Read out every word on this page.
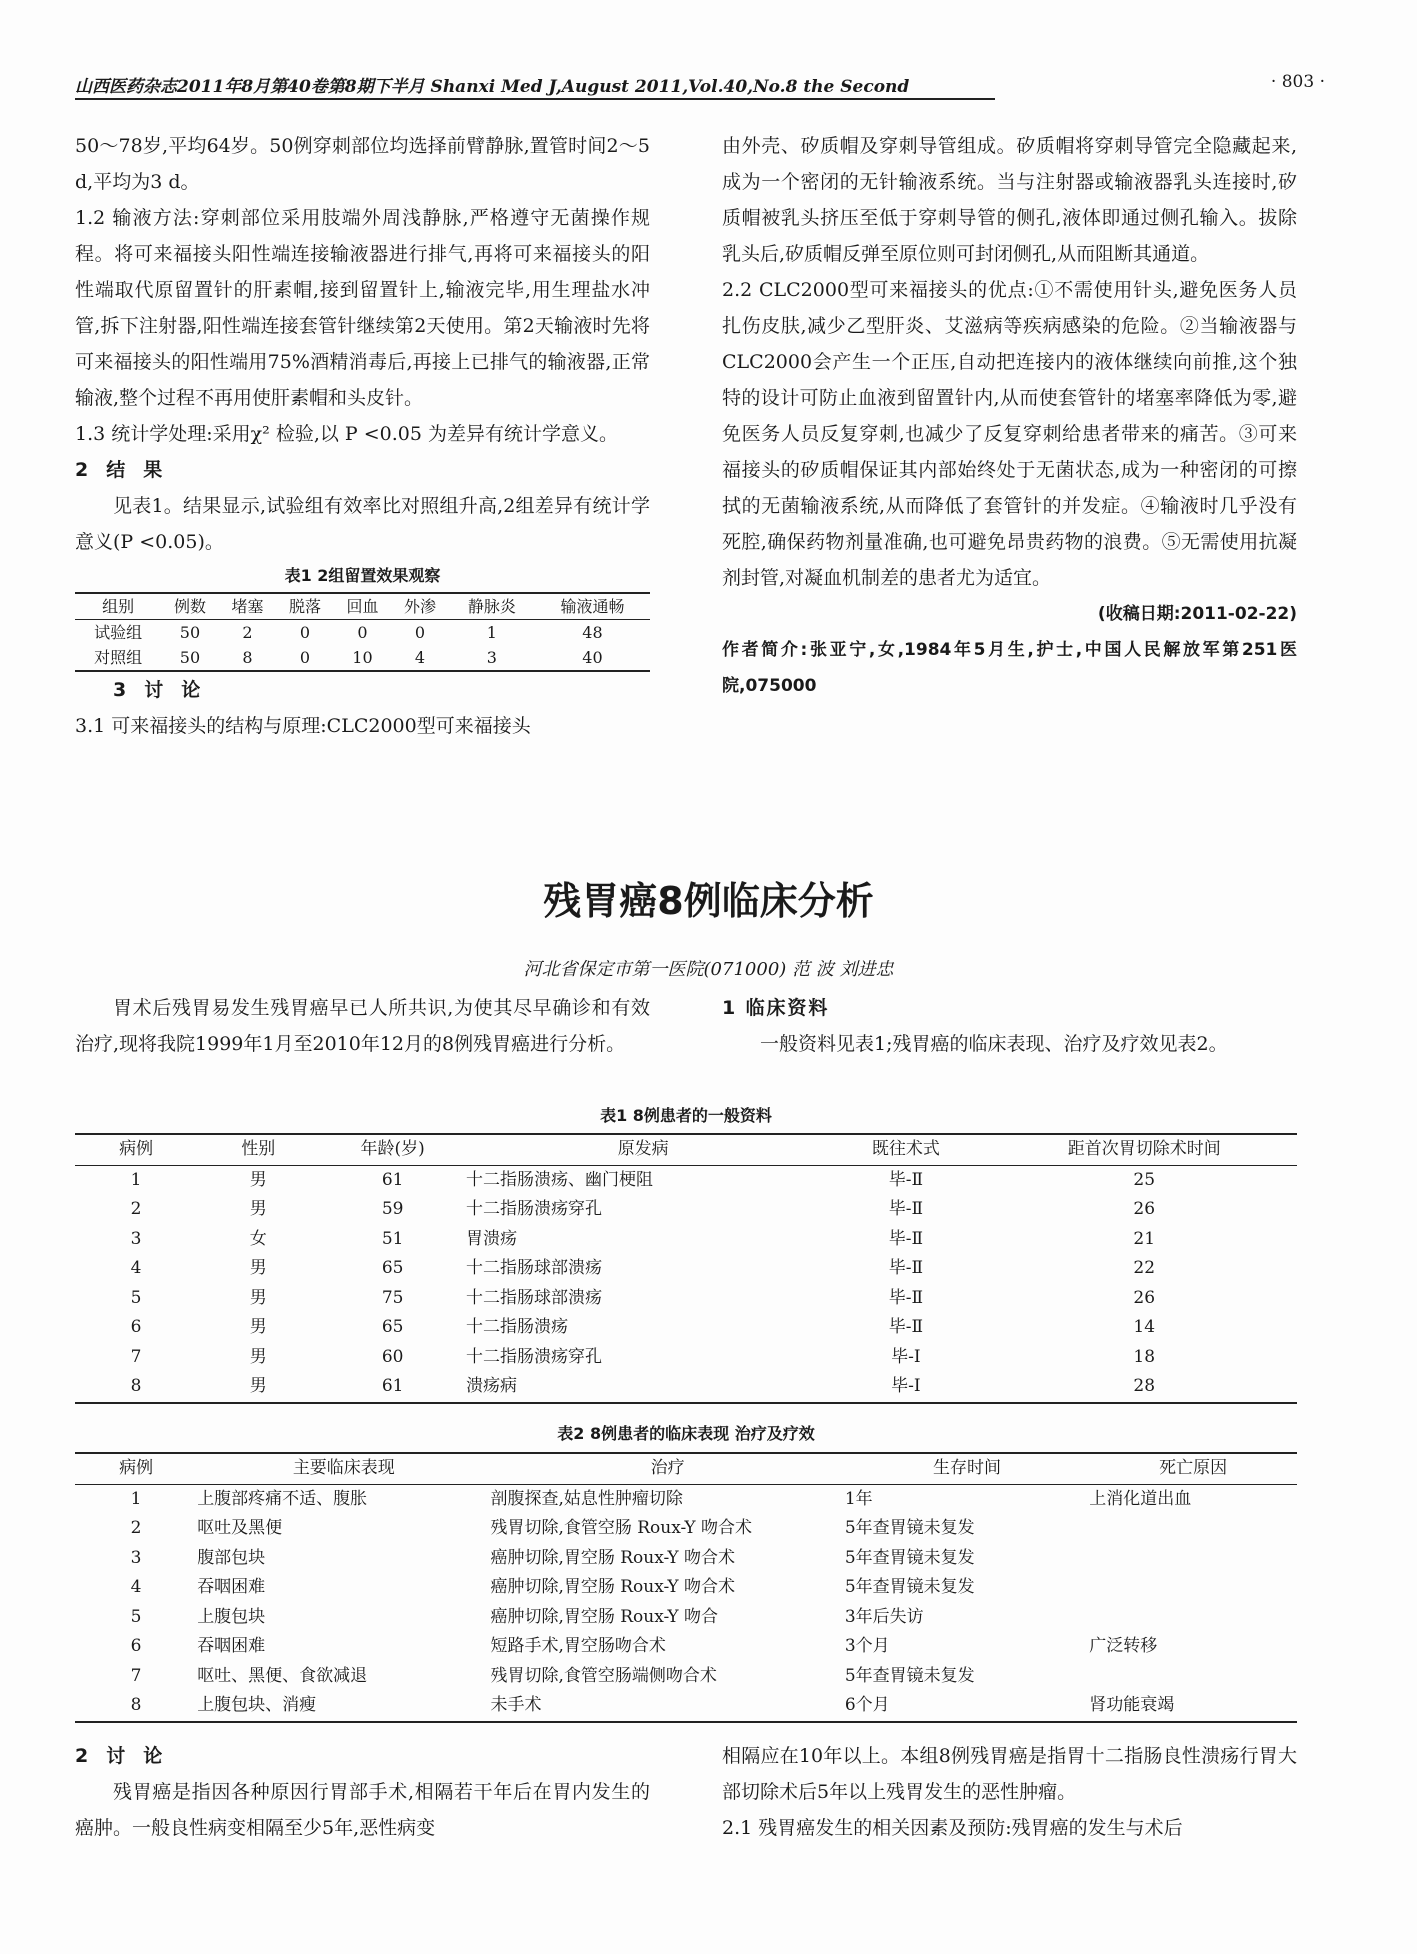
山西医药杂志2011年8月第40卷第8期下半月 Shanxi Med J,August 2011,Vol.40,No.8 the Second	· 803 ·

50～78岁,平均64岁。50例穿刺部位均选择前臂静脉,置管时间2～5 d,平均为3 d。

1.2 输液方法:穿刺部位采用肢端外周浅静脉,严格遵守无菌操作规程。将可来福接头阳性端连接输液器进行排气,再将可来福接头的阳性端取代原留置针的肝素帽,接到留置针上,输液完毕,用生理盐水冲管,拆下注射器,阳性端连接套管针继续第2天使用。第2天输液时先将可来福接头的阳性端用75%酒精消毒后,再接上已排气的输液器,正常输液,整个过程不再用使肝素帽和头皮针。

1.3 统计学处理:采用χ² 检验,以 P <0.05 为差异有统计学意义。

2 结 果

见表1。结果显示,试验组有效率比对照组升高,2组差异有统计学意义(P <0.05)。

表1 2组留置效果观察
组别	例数	堵塞	脱落	回血	外渗	静脉炎	输液通畅
试验组	50	2	0	0	0	1	48
对照组	50	8	0	10	4	3	40

3 讨 论

3.1 可来福接头的结构与原理:CLC2000型可来福接头

由外壳、矽质帽及穿刺导管组成。矽质帽将穿刺导管完全隐藏起来,成为一个密闭的无针输液系统。当与注射器或输液器乳头连接时,矽质帽被乳头挤压至低于穿刺导管的侧孔,液体即通过侧孔输入。拔除乳头后,矽质帽反弹至原位则可封闭侧孔,从而阻断其通道。

2.2 CLC2000型可来福接头的优点:①不需使用针头,避免医务人员扎伤皮肤,减少乙型肝炎、艾滋病等疾病感染的危险。②当输液器与CLC2000会产生一个正压,自动把连接内的液体继续向前推,这个独特的设计可防止血液到留置针内,从而使套管针的堵塞率降低为零,避免医务人员反复穿刺,也减少了反复穿刺给患者带来的痛苦。③可来福接头的矽质帽保证其内部始终处于无菌状态,成为一种密闭的可擦拭的无菌输液系统,从而降低了套管针的并发症。④输液时几乎没有死腔,确保药物剂量准确,也可避免昂贵药物的浪费。⑤无需使用抗凝剂封管,对凝血机制差的患者尤为适宜。

(收稿日期:2011-02-22)

作者简介:张亚宁,女,1984年5月生,护士,中国人民解放军第251医院,075000

残胃癌8例临床分析
河北省保定市第一医院(071000) 范 波 刘进忠

胃术后残胃易发生残胃癌早已人所共识,为使其尽早确诊和有效治疗,现将我院1999年1月至2010年12月的8例残胃癌进行分析。

1 临床资料

一般资料见表1;残胃癌的临床表现、治疗及疗效见表2。

表1 8例患者的一般资料
病例	性别	年龄(岁)	原发病	既往术式	距首次胃切除术时间
1	男	61	十二指肠溃疡、幽门梗阻	毕-Ⅱ	25
2	男	59	十二指肠溃疡穿孔	毕-Ⅱ	26
3	女	51	胃溃疡	毕-Ⅱ	21
4	男	65	十二指肠球部溃疡	毕-Ⅱ	22
5	男	75	十二指肠球部溃疡	毕-Ⅱ	26
6	男	65	十二指肠溃疡	毕-Ⅱ	14
7	男	60	十二指肠溃疡穿孔	毕-Ⅰ	18
8	男	61	溃疡病	毕-Ⅰ	28
表2 8例患者的临床表现 治疗及疗效
病例	主要临床表现	治疗	生存时间	死亡原因
1	上腹部疼痛不适、腹胀	剖腹探查,姑息性肿瘤切除	1年	上消化道出血
2	呕吐及黑便	残胃切除,食管空肠 Roux-Y 吻合术	5年查胃镜未复发	
3	腹部包块	癌肿切除,胃空肠 Roux-Y 吻合术	5年查胃镜未复发	
4	吞咽困难	癌肿切除,胃空肠 Roux-Y 吻合术	5年查胃镜未复发	
5	上腹包块	癌肿切除,胃空肠 Roux-Y 吻合	3年后失访	
6	吞咽困难	短路手术,胃空肠吻合术	3个月	广泛转移
7	呕吐、黑便、食欲减退	残胃切除,食管空肠端侧吻合术	5年查胃镜未复发	
8	上腹包块、消瘦	未手术	6个月	肾功能衰竭

2 讨 论

残胃癌是指因各种原因行胃部手术,相隔若干年后在胃内发生的癌肿。一般良性病变相隔至少5年,恶性病变

相隔应在10年以上。本组8例残胃癌是指胃十二指肠良性溃疡行胃大部切除术后5年以上残胃发生的恶性肿瘤。

2.1 残胃癌发生的相关因素及预防:残胃癌的发生与术后
